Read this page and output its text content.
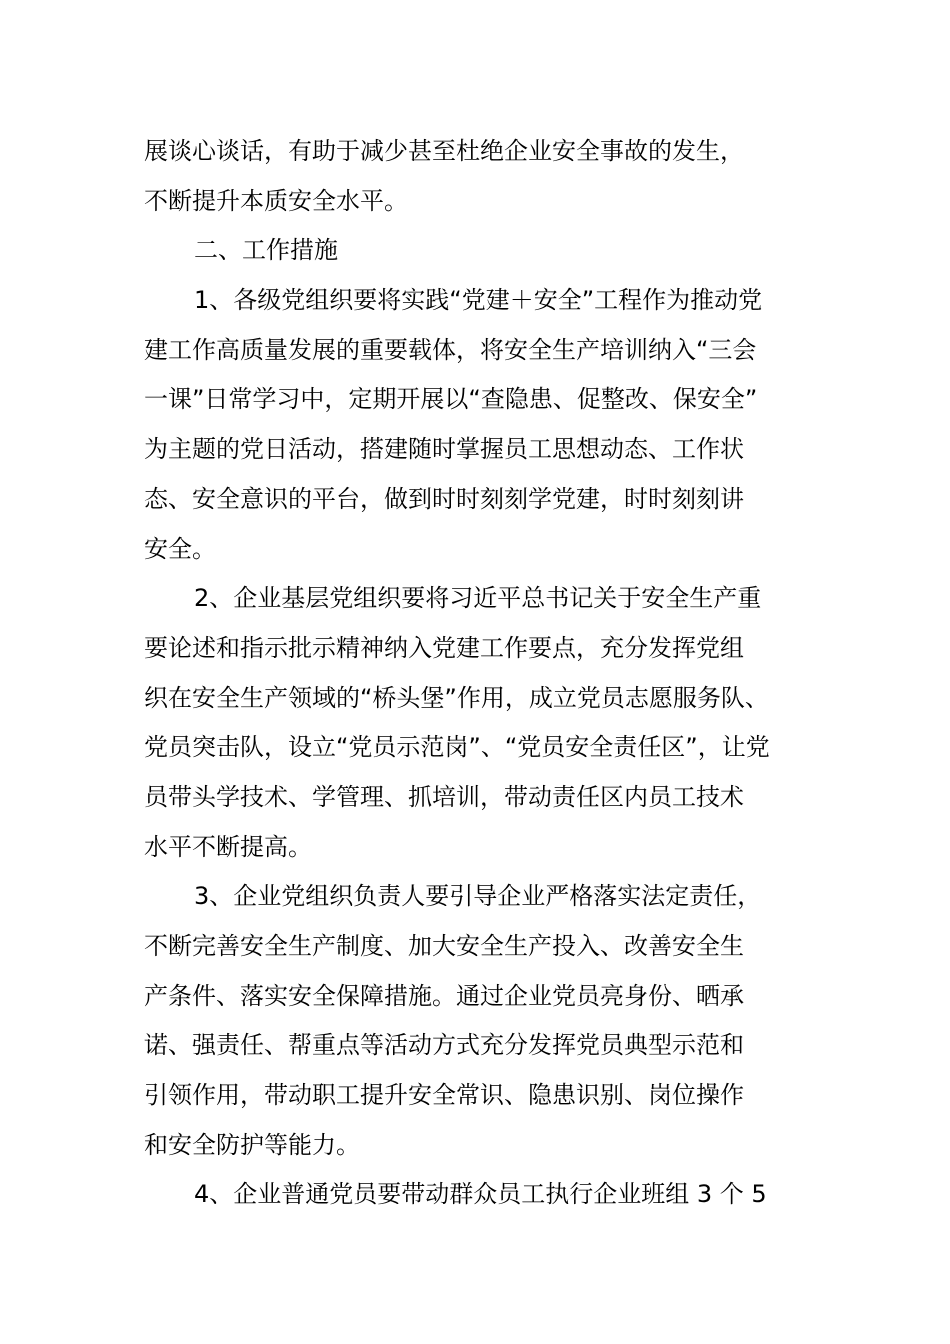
展谈心谈话，有助于减少甚至杜绝企业安全事故的发生，
不断提升本质安全水平。
二、工作措施
1、各级党组织要将实践“党建＋安全”工程作为推动党
建工作高质量发展的重要载体，将安全生产培训纳入“三会
一课”日常学习中，定期开展以“查隐患、促整改、保安全”
为主题的党日活动，搭建随时掌握员工思想动态、工作状
态、安全意识的平台，做到时时刻刻学党建，时时刻刻讲
安全。
2、企业基层党组织要将习近平总书记关于安全生产重
要论述和指示批示精神纳入党建工作要点，充分发挥党组
织在安全生产领域的“桥头堡”作用，成立党员志愿服务队、
党员突击队，设立“党员示范岗”、“党员安全责任区”，让党
员带头学技术、学管理、抓培训，带动责任区内员工技术
水平不断提高。
3、企业党组织负责人要引导企业严格落实法定责任，
不断完善安全生产制度、加大安全生产投入、改善安全生
产条件、落实安全保障措施。通过企业党员亮身份、晒承
诺、强责任、帮重点等活动方式充分发挥党员典型示范和
引领作用，带动职工提升安全常识、隐患识别、岗位操作
和安全防护等能力。
4、企业普通党员要带动群众员工执行企业班组 3 个 5
